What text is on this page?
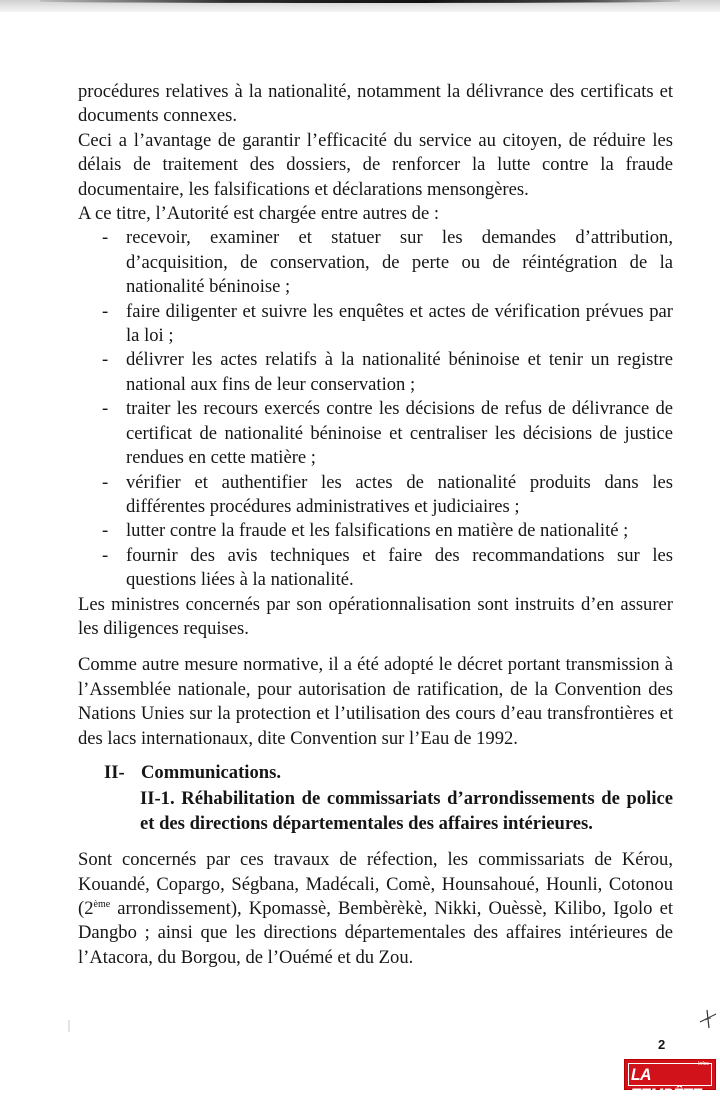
procédures relatives à la nationalité, notamment la délivrance des certificats et documents connexes.

Ceci a l’avantage de garantir l’efficacité du service au citoyen, de réduire les délais de traitement des dossiers, de renforcer la lutte contre la fraude documentaire, les falsifications et déclarations mensongères.

A ce titre, l’Autorité est chargée entre autres de :

- recevoir, examiner et statuer sur les demandes d’attribution, d’acquisition, de conservation, de perte ou de réintégration de la nationalité béninoise ;
- faire diligenter et suivre les enquêtes et actes de vérification prévues par la loi ;
- délivrer les actes relatifs à la nationalité béninoise et tenir un registre national aux fins de leur conservation ;
- traiter les recours exercés contre les décisions de refus de délivrance de certificat de nationalité béninoise et centraliser les décisions de justice rendues en cette matière ;
- vérifier et authentifier les actes de nationalité produits dans les différentes procédures administratives et judiciaires ;
- lutter contre la fraude et les falsifications en matière de nationalité ;
- fournir des avis techniques et faire des recommandations sur les questions liées à la nationalité.

Les ministres concernés par son opérationnalisation sont instruits d’en assurer les diligences requises.

Comme autre mesure normative, il a été adopté le décret portant transmission à l’Assemblée nationale, pour autorisation de ratification, de la Convention des Nations Unies sur la protection et l’utilisation des cours d’eau transfrontières et des lacs internationaux, dite Convention sur l’Eau de 1992.

II- Communications.
II-1. Réhabilitation de commissariats d’arrondissements de police et des directions départementales des affaires intérieures.

Sont concernés par ces travaux de réfection, les commissariats de Kérou, Kouandé, Copargo, Ségbana, Madécali, Comè, Hounsahoué, Hounli, Cotonou (2ème arrondissement), Kpomassè, Bembèrèkè, Nikki, Ouèssè, Kilibo, Igolo et Dangbo ; ainsi que les directions départementales des affaires intérieures de l’Atacora, du Borgou, de l’Ouémé et du Zou.

2
Infos
LA TEMPÊTE
